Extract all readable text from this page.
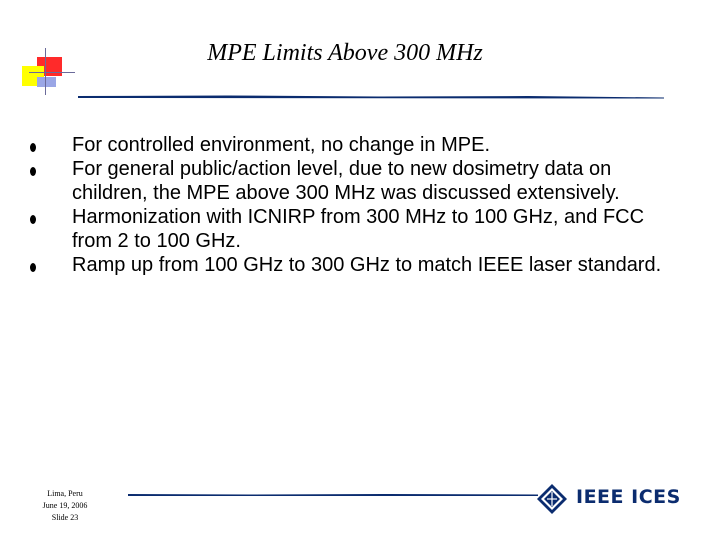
MPE Limits Above 300 MHz
For controlled environment, no change in MPE.
For general public/action level, due to new dosimetry data on children, the MPE above 300 MHz was discussed extensively.
Harmonization with ICNIRP from 300 MHz to 100 GHz, and FCC from 2 to 100 GHz.
Ramp up from 100 GHz to 300 GHz to match IEEE laser standard.
Lima, Peru
June 19, 2006
Slide 23
IEEE ICES
